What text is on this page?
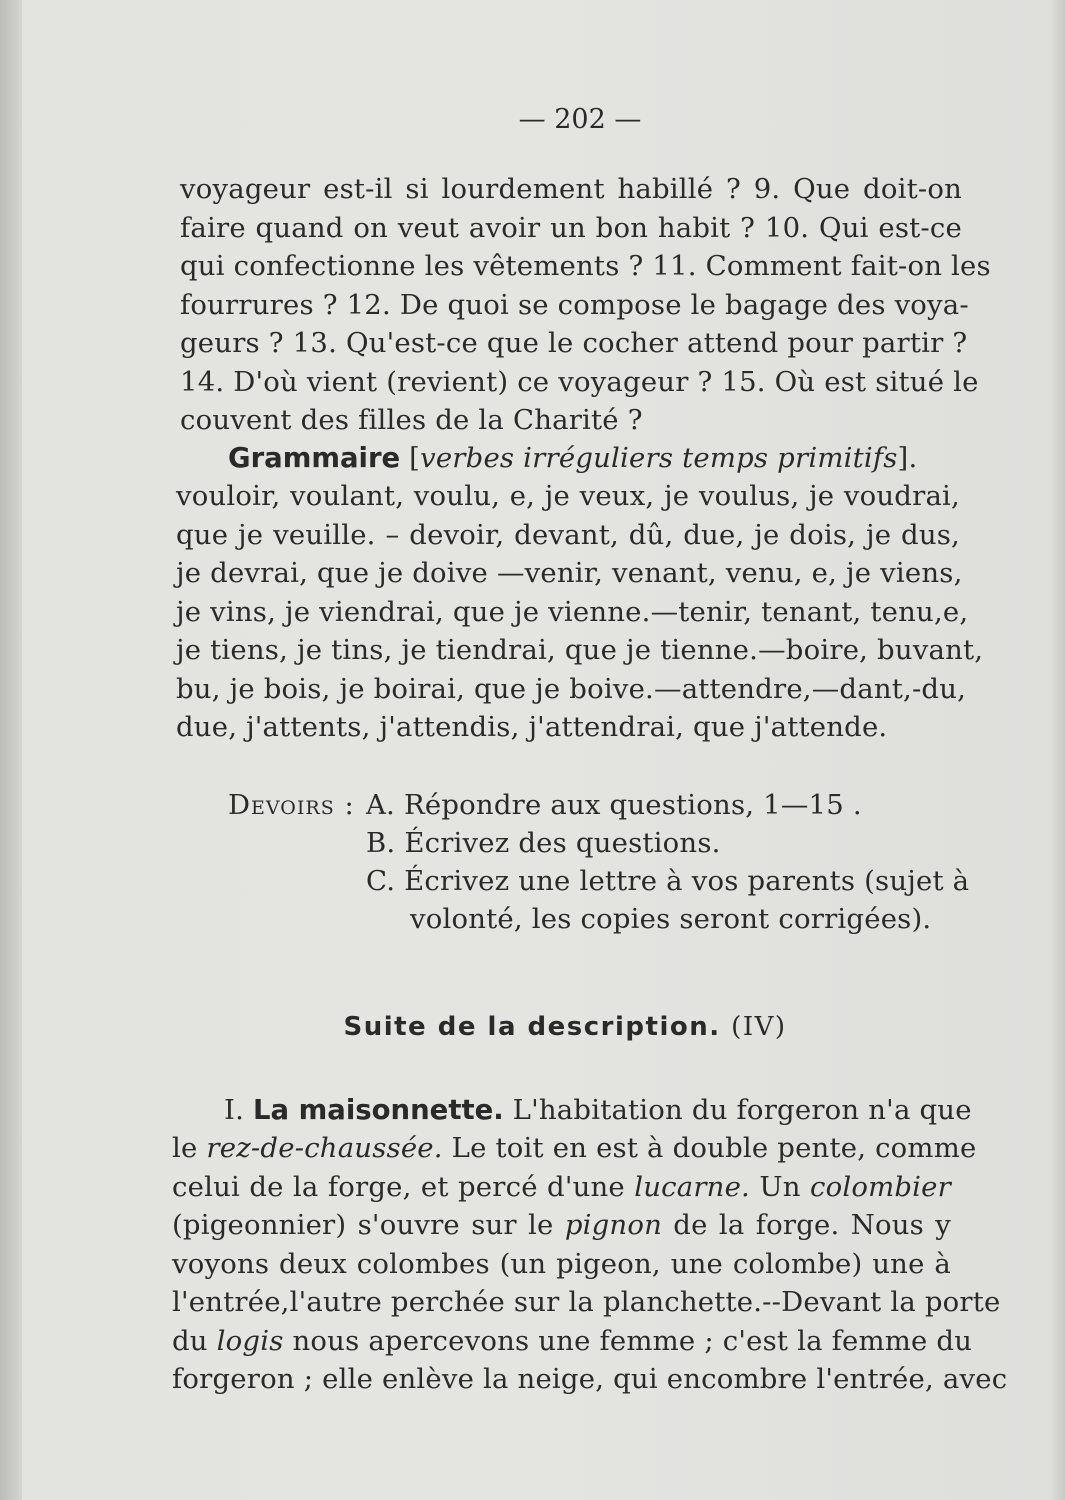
— 202 —
voyageur est-il si lourdement habillé ? 9. Que doit-on
faire quand on veut avoir un bon habit ? 10. Qui est-ce
qui confectionne les vêtements ? 11. Comment fait-on les
fourrures ? 12. De quoi se compose le bagage des voya-
geurs ? 13. Qu'est-ce que le cocher attend pour partir ?
14. D'où vient (revient) ce voyageur ? 15. Où est situé le
couvent des filles de la Charité ?
Grammaire [verbes irréguliers temps primitifs].
vouloir, voulant, voulu, e, je veux, je voulus, je voudrai,
que je veuille. – devoir, devant, dû, due, je dois, je dus,
je devrai, que je doive —venir, venant, venu, e, je viens,
je vins, je viendrai, que je vienne.—tenir, tenant, tenu,e,
je tiens, je tins, je tiendrai, que je tienne.—boire, buvant,
bu, je bois, je boirai, que je boive.—attendre,—dant,-du,
due, j'attents, j'attendis, j'attendrai, que j'attende.
Devoirs : A. Répondre aux questions, 1—15 .
B. Écrivez des questions.
C. Écrivez une lettre à vos parents (sujet à
volonté, les copies seront corrigées).
Suite de la description. (IV)
I. La maisonnette. L'habitation du forgeron n'a que
le rez-de-chaussée. Le toit en est à double pente, comme
celui de la forge, et percé d'une lucarne. Un colombier
(pigeonnier) s'ouvre sur le pignon de la forge. Nous y
voyons deux colombes (un pigeon, une colombe) une à
l'entrée,l'autre perchée sur la planchette.--Devant la porte
du logis nous apercevons une femme ; c'est la femme du
forgeron ; elle enlève la neige, qui encombre l'entrée, avec
